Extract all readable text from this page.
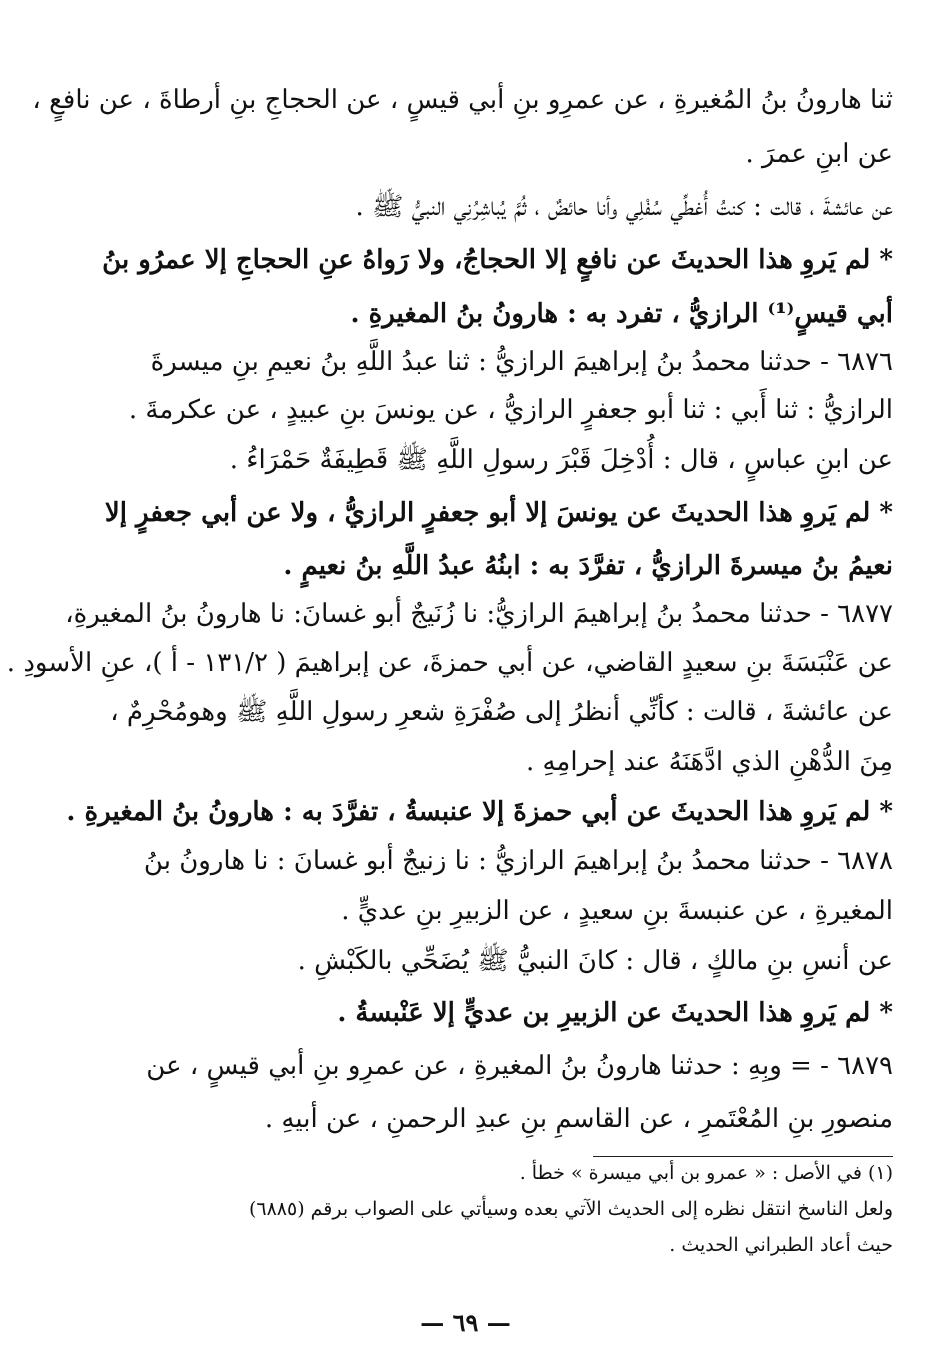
ثنا هارونُ بنُ المُغيرةِ ، عن عمرِو بنِ أبي قيسٍ ، عن الحجاجِ بنِ أرطاةَ ، عن نافعٍ ،
عن ابنِ عمرَ .
عن عائشةَ ، قالت : كنتُ أُغطِّي سُفْلِي وأنا حائضٌ ، ثُمَّ يُباشِرُنِي النبيُّ ﷺ .
* لم يَروِ هذا الحديثَ عن نافعٍ إلا الحجاجُ، ولا رَواهُ عنِ الحجاجِ إلا عمرُو بنُ
أبي قيسٍ⁽¹⁾ الرازيُّ ، تفرد به : هارونُ بنُ المغيرةِ .
٦٨٧٦ - حدثنا محمدُ بنُ إبراهيمَ الرازيُّ : ثنا عبدُ اللَّهِ بنُ نعيمِ بنِ ميسرةَ
الرازيُّ : ثنا أَبي : ثنا أبو جعفرٍ الرازيُّ ، عن يونسَ بنِ عبيدٍ ، عن عكرمةَ .
عن ابنِ عباسٍ ، قال : أُدْخِلَ قَبْرَ رسولِ اللَّهِ ﷺ قَطِيفَةٌ حَمْرَاءُ .
* لم يَروِ هذا الحديثَ عن يونسَ إلا أبو جعفرٍ الرازيُّ ، ولا عن أبي جعفرٍ إلا
نعيمُ بنُ ميسرةَ الرازيُّ ، تفرَّدَ به : ابنُهُ عبدُ اللَّهِ بنُ نعيمٍ .
٦٨٧٧ - حدثنا محمدُ بنُ إبراهيمَ الرازيُّ: نا زُنَيجٌ أبو غسانَ: نا هارونُ بنُ المغيرةِ،
عن عَنْبَسَةَ بنِ سعيدٍ القاضي، عن أبي حمزةَ، عن إبراهيمَ ( ١٣١/٢ - أ )، عنِ الأسودِ .
عن عائشةَ ، قالت : كأنِّي أنظرُ إلى صُفْرَةِ شعرِ رسولِ اللَّهِ ﷺ وهومُحْرِمٌ ،
مِنَ الدُّهْنِ الذي ادَّهَنَهُ عند إحرامِهِ .
* لم يَروِ هذا الحديثَ عن أبي حمزةَ إلا عنبسةُ ، تفرَّدَ به : هارونُ بنُ المغيرةِ .
٦٨٧٨ - حدثنا محمدُ بنُ إبراهيمَ الرازيُّ : نا زنيجٌ أبو غسانَ : نا هارونُ بنُ
المغيرةِ ، عن عنبسةَ بنِ سعيدٍ ، عن الزبيرِ بنِ عديٍّ .
عن أنسِ بنِ مالكٍ ، قال : كانَ النبيُّ ﷺ يُضَحِّي بالكَبْشِ .
* لم يَروِ هذا الحديثَ عن الزبيرِ بن عديٍّ إلا عَنْبسةُ .
٦٨٧٩ - = وبِهِ : حدثنا هارونُ بنُ المغيرةِ ، عن عمرِو بنِ أبي قيسٍ ، عن
منصورِ بنِ المُعْتَمرِ ، عن القاسمِ بنِ عبدِ الرحمنِ ، عن أبيهِ .
(١) في الأصل : « عمرو بن أبي ميسرة » خطأ .
ولعل الناسخ انتقل نظره إلى الحديث الآتي بعده وسيأتي على الصواب برقم (٦٨٨٥)
حيث أعاد الطبراني الحديث .
— ٦٩ —
